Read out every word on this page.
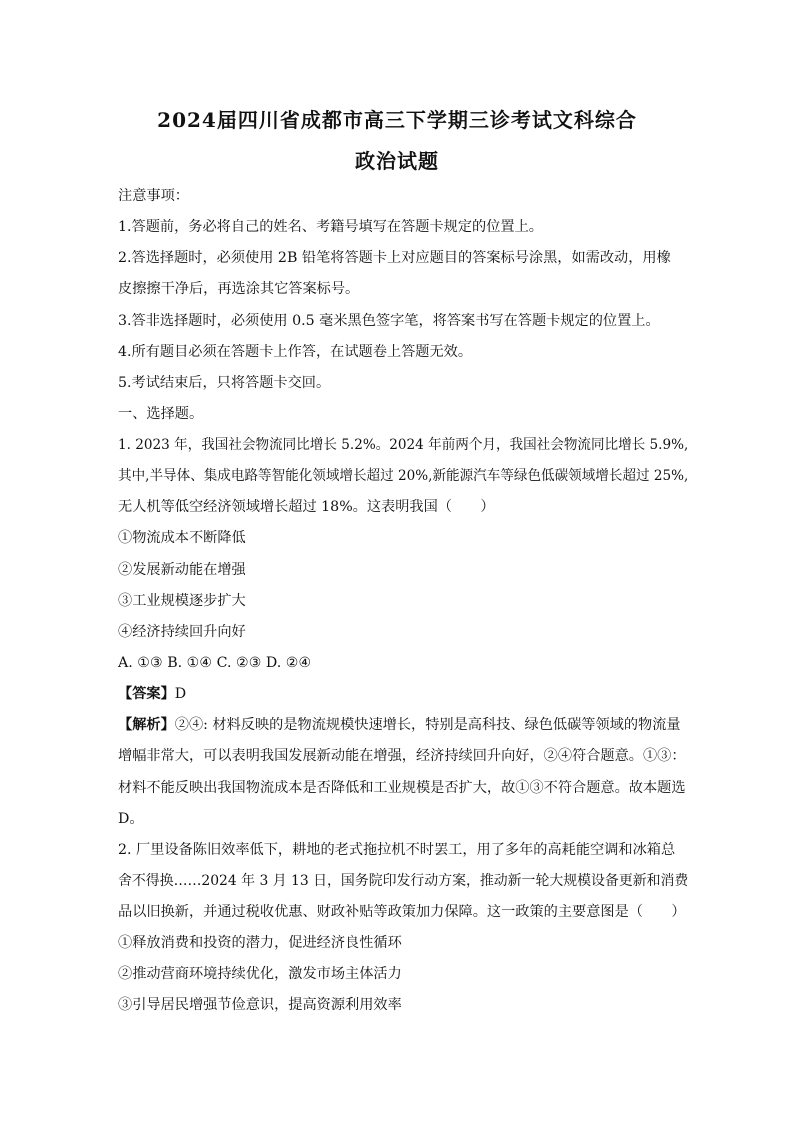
2024届四川省成都市高三下学期三诊考试文科综合
政治试题
注意事项：
1.答题前，务必将自己的姓名、考籍号填写在答题卡规定的位置上。
2.答选择题时，必须使用 2B 铅笔将答题卡上对应题目的答案标号涂黑，如需改动，用橡
皮擦擦干净后，再选涂其它答案标号。
3.答非选择题时，必须使用 0.5 毫米黑色签字笔，将答案书写在答题卡规定的位置上。
4.所有题目必须在答题卡上作答，在试题卷上答题无效。
5.考试结束后，只将答题卡交回。
一、选择题。
1. 2023 年，我国社会物流同比增长 5.2%。2024 年前两个月，我国社会物流同比增长 5.9%,
其中,半导体、集成电路等智能化领域增长超过 20%,新能源汽车等绿色低碳领域增长超过 25%,
无人机等低空经济领域增长超过 18%。这表明我国（　　）
①物流成本不断降低
②发展新动能在增强
③工业规模逐步扩大
④经济持续回升向好
A. ①③ B. ①④ C. ②③ D. ②④
【答案】D
【解析】②④: 材料反映的是物流规模快速增长，特别是高科技、绿色低碳等领域的物流量
增幅非常大，可以表明我国发展新动能在增强，经济持续回升向好，②④符合题意。①③：
材料不能反映出我国物流成本是否降低和工业规模是否扩大，故①③不符合题意。故本题选
D。
2. 厂里设备陈旧效率低下，耕地的老式拖拉机不时罢工，用了多年的高耗能空调和冰箱总
舍不得换……2024 年 3 月 13 日，国务院印发行动方案，推动新一轮大规模设备更新和消费
品以旧换新，并通过税收优惠、财政补贴等政策加力保障。这一政策的主要意图是（　　）
①释放消费和投资的潜力，促进经济良性循环
②推动营商环境持续优化，激发市场主体活力
③引导居民增强节俭意识，提高资源利用效率
